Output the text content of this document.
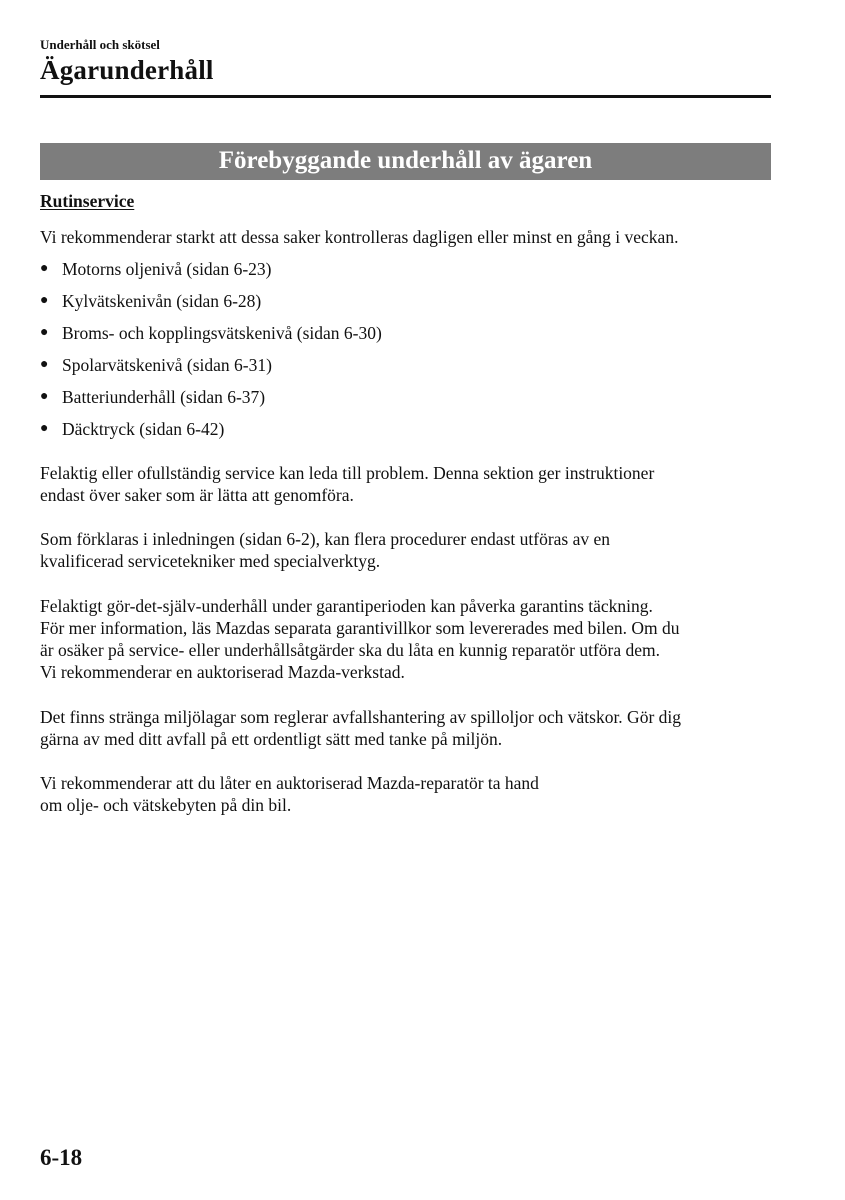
Underhåll och skötsel
Ägarunderhåll
Förebyggande underhåll av ägaren
Rutinservice

Vi rekommenderar starkt att dessa saker kontrolleras dagligen eller minst en gång i veckan.

● Motorns oljenivå (sidan 6-23)
● Kylvätskenivån (sidan 6-28)
● Broms- och kopplingsvätskenivå (sidan 6-30)
● Spolarvätskenivå (sidan 6-31)
● Batteriunderhåll (sidan 6-37)
● Däcktryck (sidan 6-42)
Felaktig eller ofullständig service kan leda till problem. Denna sektion ger instruktioner
endast över saker som är lätta att genomföra.
Som förklaras i inledningen (sidan 6-2), kan flera procedurer endast utföras av en
kvalificerad servicetekniker med specialverktyg.
Felaktigt gör-det-själv-underhåll under garantiperioden kan påverka garantins täckning.
För mer information, läs Mazdas separata garantivillkor som levererades med bilen. Om du
är osäker på service- eller underhållsåtgärder ska du låta en kunnig reparatör utföra dem.
Vi rekommenderar en auktoriserad Mazda-verkstad.
Det finns stränga miljölagar som reglerar avfallshantering av spilloljor och vätskor. Gör dig
gärna av med ditt avfall på ett ordentligt sätt med tanke på miljön.
Vi rekommenderar att du låter en auktoriserad Mazda-reparatör ta hand
om olje- och vätskebyten på din bil.
6-18
